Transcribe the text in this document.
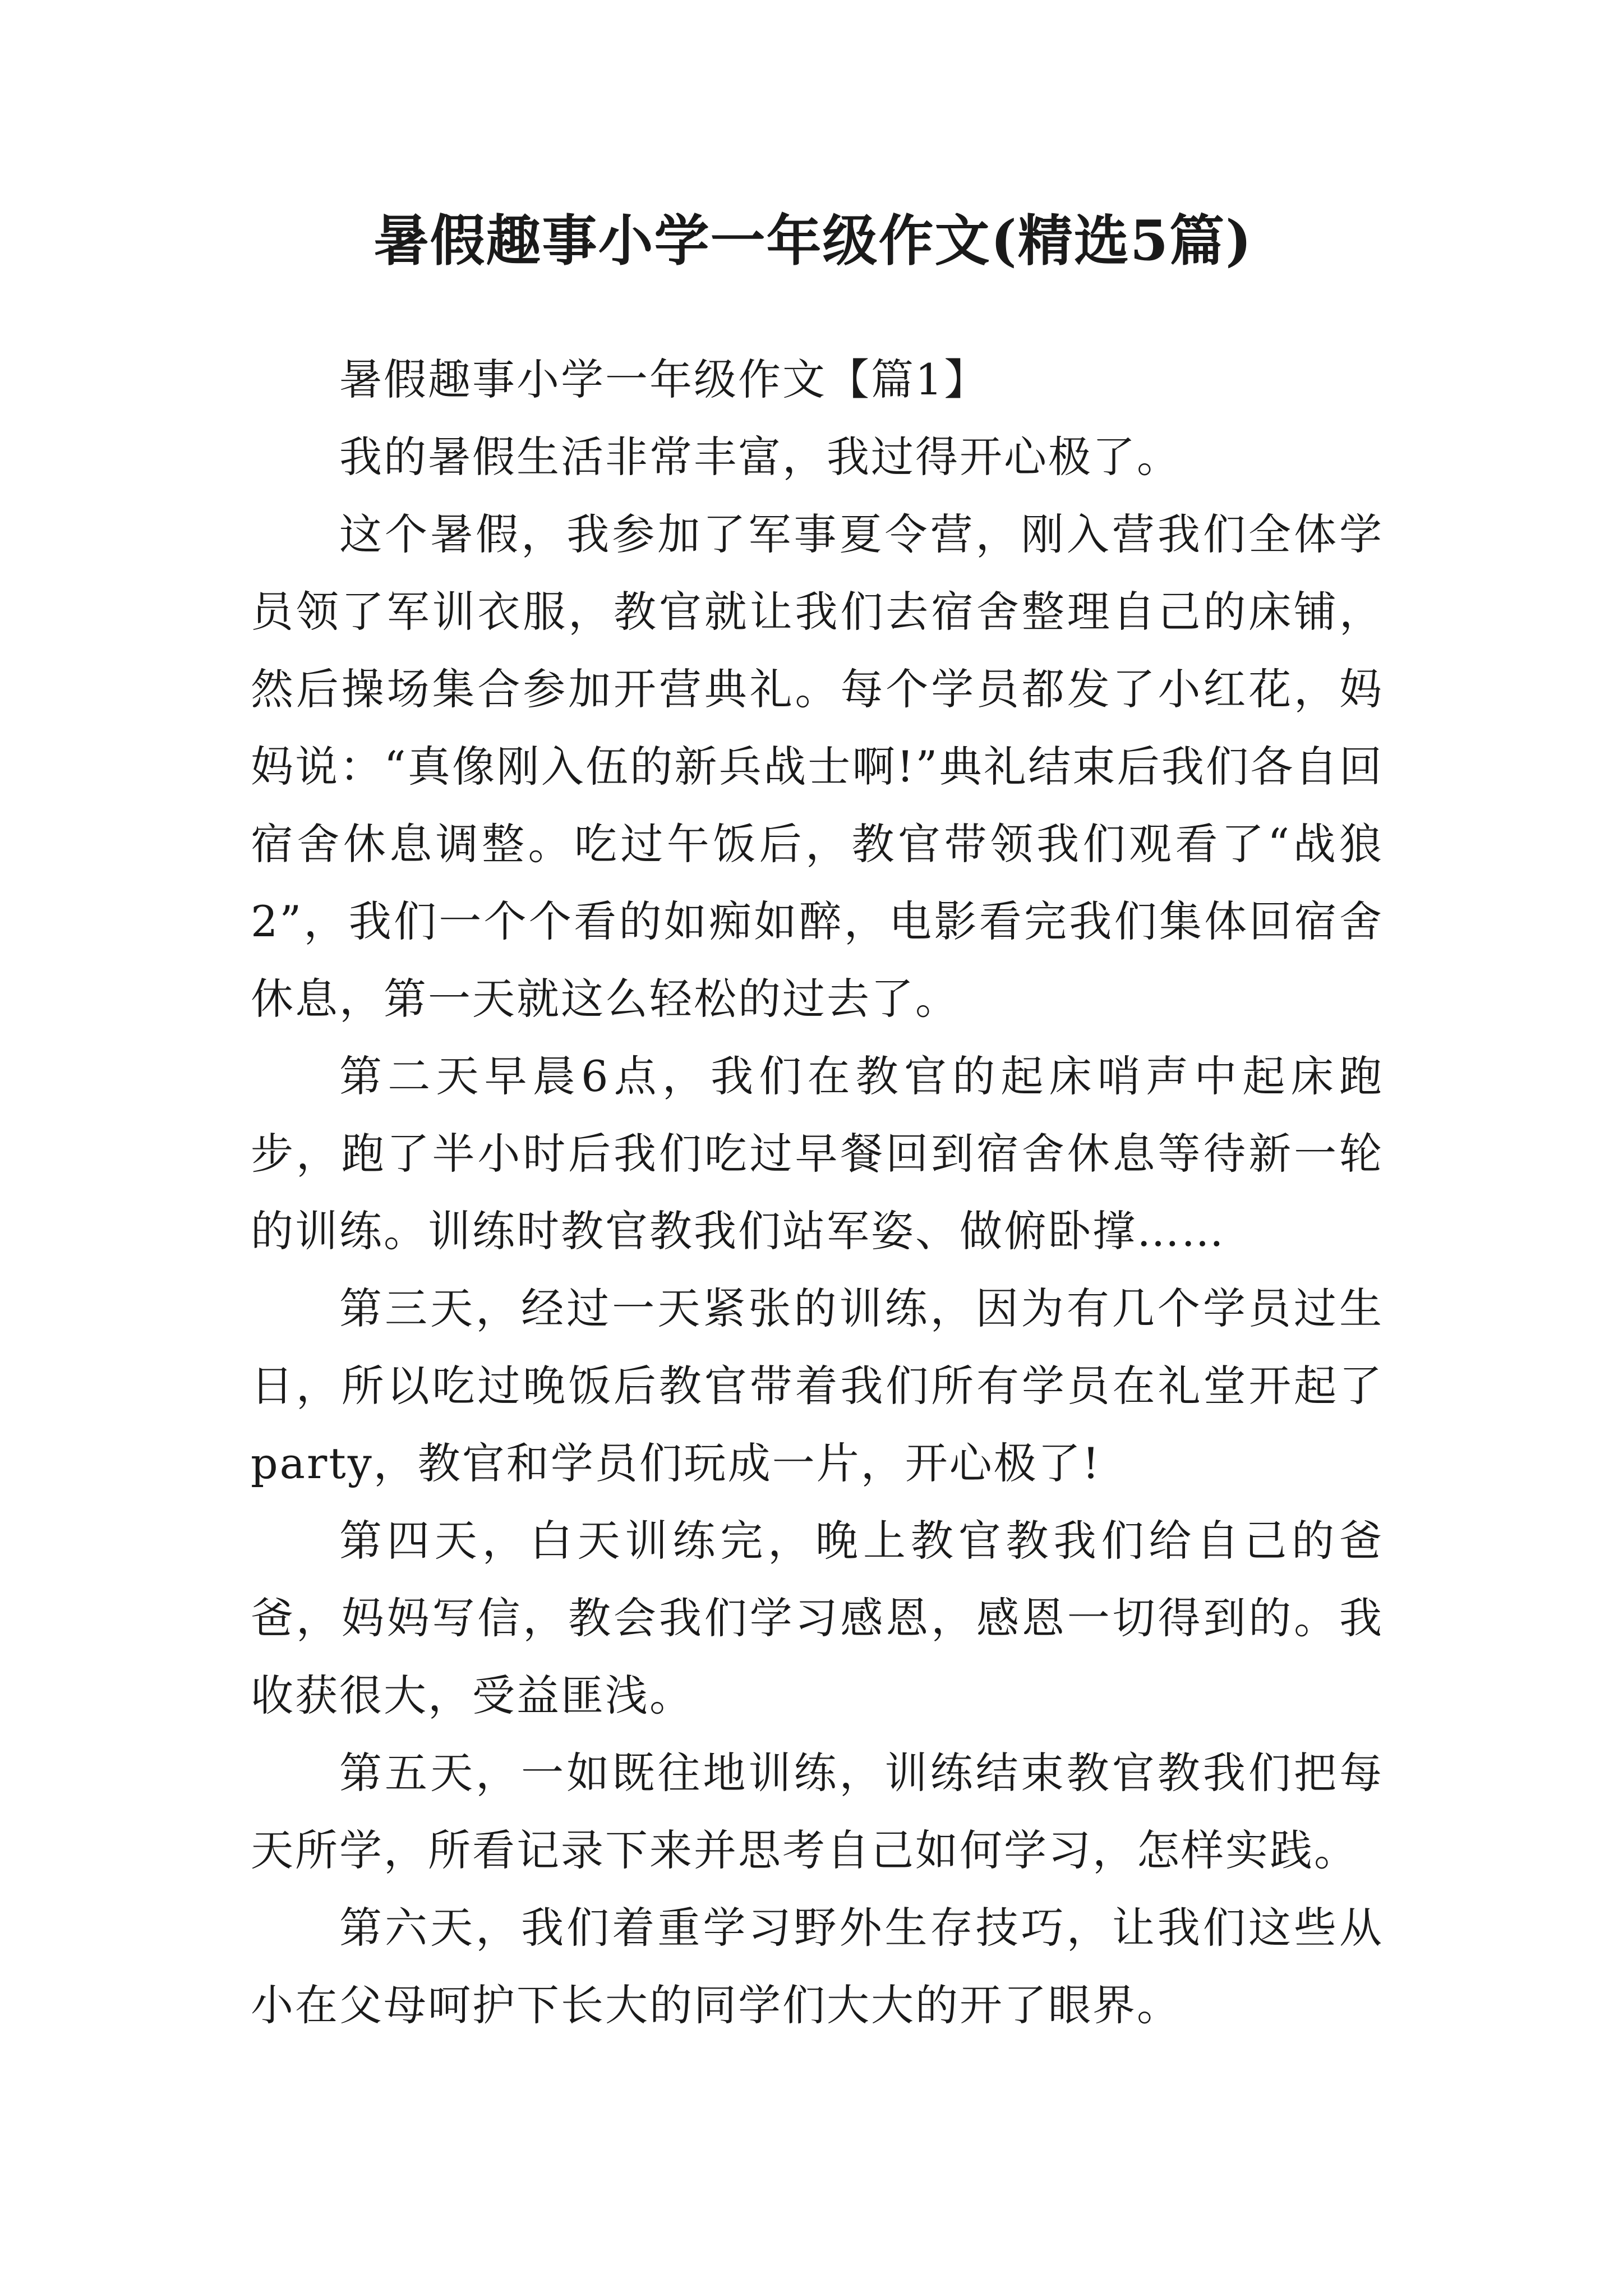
暑假趣事小学一年级作文(精选5篇)

暑假趣事小学一年级作文【篇1】

我的暑假生活非常丰富，我过得开心极了。

这个暑假，我参加了军事夏令营，刚入营我们全体学员领了军训衣服，教官就让我们去宿舍整理自己的床铺，然后操场集合参加开营典礼。每个学员都发了小红花，妈妈说：“真像刚入伍的新兵战士啊!”典礼结束后我们各自回宿舍休息调整。吃过午饭后，教官带领我们观看了“战狼2”，我们一个个看的如痴如醉，电影看完我们集体回宿舍休息，第一天就这么轻松的过去了。

第二天早晨6点，我们在教官的起床哨声中起床跑步，跑了半小时后我们吃过早餐回到宿舍休息等待新一轮的训练。训练时教官教我们站军姿、做俯卧撑……

第三天，经过一天紧张的训练，因为有几个学员过生日，所以吃过晚饭后教官带着我们所有学员在礼堂开起了party，教官和学员们玩成一片，开心极了!

第四天，白天训练完，晚上教官教我们给自己的爸爸，妈妈写信，教会我们学习感恩，感恩一切得到的。我收获很大，受益匪浅。

第五天，一如既往地训练，训练结束教官教我们把每天所学，所看记录下来并思考自己如何学习，怎样实践。

第六天，我们着重学习野外生存技巧，让我们这些从小在父母呵护下长大的同学们大大的开了眼界。
